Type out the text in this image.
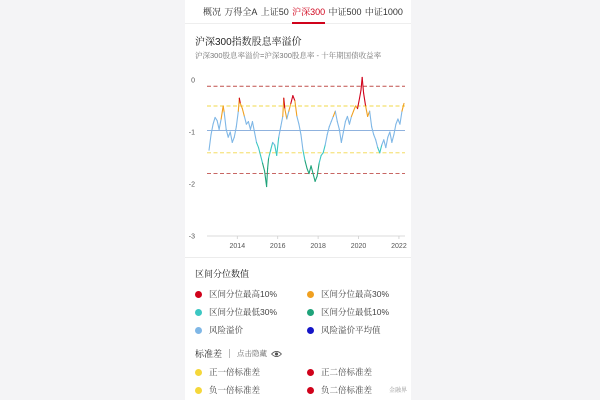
概况 万得全A 上证50 沪深300 中证500 中证1000
沪深300指数股息率溢价
沪深300股息率溢价=沪深300股息率 - 十年期国债收益率
0
-1
-2
-3
2014	2016	2018	2020	2022
区间分位数值
区间分位最高10%	区间分位最高30%
区间分位最低30%	区间分位最低10%
风险溢价	风险溢价平均值
标准差 点击隐藏
正一倍标准差	正二倍标准差
负一倍标准差	负二倍标准差	金融界
